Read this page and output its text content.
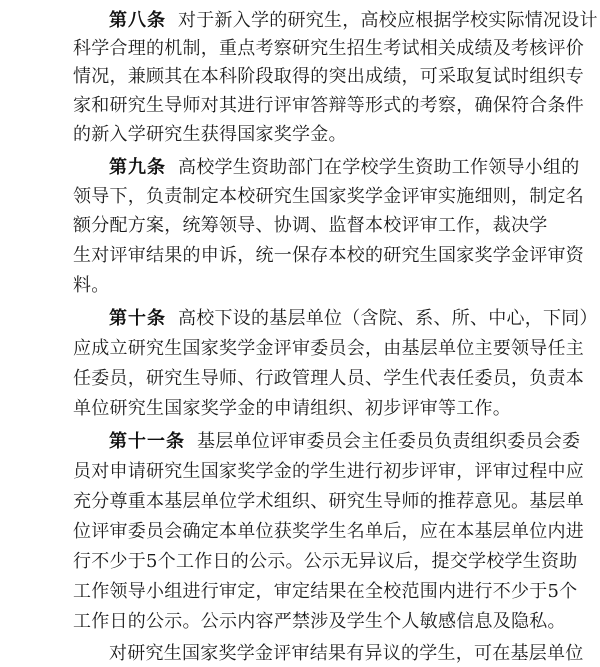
第八条 对于新入学的研究生，高校应根据学校实际情况设计
科学合理的机制，重点考察研究生招生考试相关成绩及考核评价
情况，兼顾其在本科阶段取得的突出成绩，可采取复试时组织专
家和研究生导师对其进行评审答辩等形式的考察，确保符合条件
的新入学研究生获得国家奖学金。
第九条 高校学生资助部门在学校学生资助工作领导小组的
领导下，负责制定本校研究生国家奖学金评审实施细则，制定名
额分配方案，统筹领导、协调、监督本校评审工作，裁决学
生对评审结果的申诉，统一保存本校的研究生国家奖学金评审资
料。
第十条 高校下设的基层单位（含院、系、所、中心，下同）
应成立研究生国家奖学金评审委员会，由基层单位主要领导任主
任委员，研究生导师、行政管理人员、学生代表任委员，负责本
单位研究生国家奖学金的申请组织、初步评审等工作。
第十一条 基层单位评审委员会主任委员负责组织委员会委
员对申请研究生国家奖学金的学生进行初步评审，评审过程中应
充分尊重本基层单位学术组织、研究生导师的推荐意见。基层单
位评审委员会确定本单位获奖学生名单后，应在本基层单位内进
行不少于5个工作日的公示。公示无异议后，提交学校学生资助
工作领导小组进行审定，审定结果在全校范围内进行不少于5个
工作日的公示。公示内容严禁涉及学生个人敏感信息及隐私。
对研究生国家奖学金评审结果有异议的学生，可在基层单位
